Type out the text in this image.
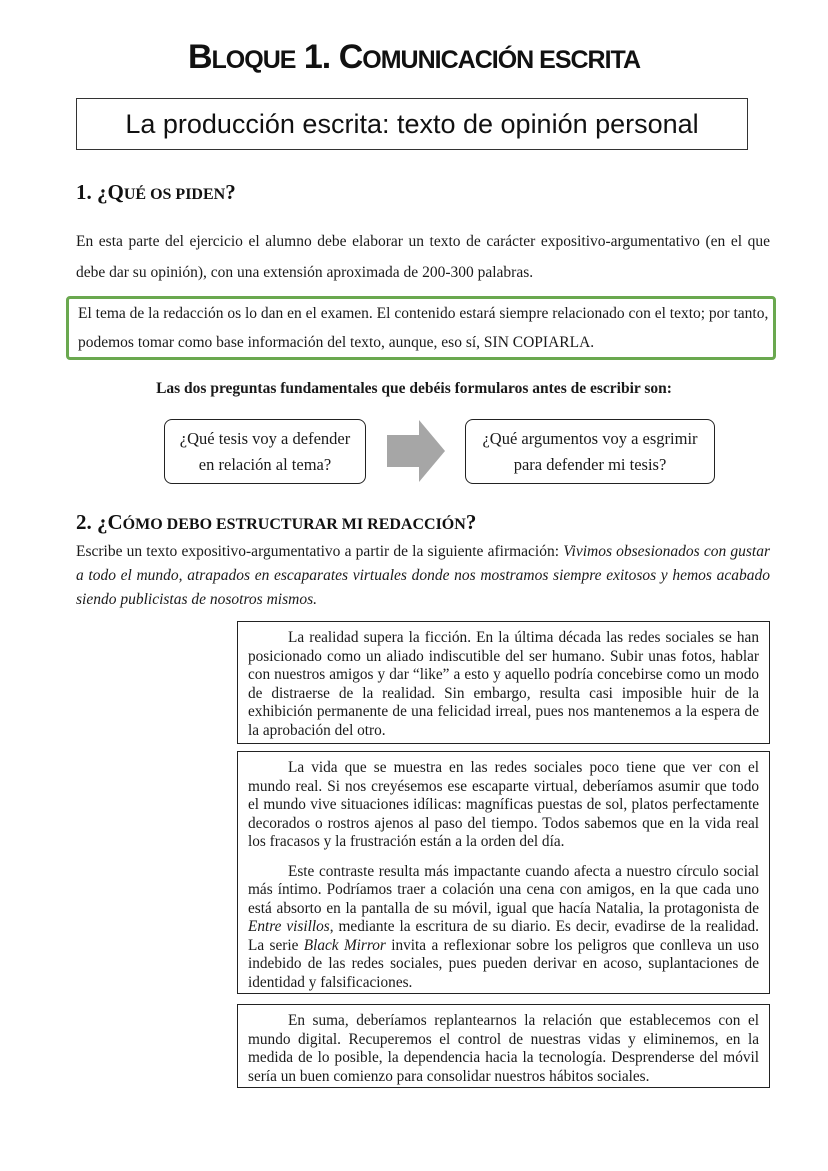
BLOQUE 1. COMUNICACIÓN ESCRITA
La producción escrita: texto de opinión personal
1. ¿QUÉ OS PIDEN?

En esta parte del ejercicio el alumno debe elaborar un texto de carácter expositivo-argumentativo (en el que debe dar su opinión), con una extensión aproximada de 200-300 palabras.

El tema de la redacción os lo dan en el examen. El contenido estará siempre relacionado con el texto; por tanto, podemos tomar como base información del texto, aunque, eso sí, SIN COPIARLA.

Las dos preguntas fundamentales que debéis formularos antes de escribir son:

¿Qué tesis voy a defender en relación al tema?
¿Qué argumentos voy a esgrimir para defender mi tesis?
2. ¿CÓMO DEBO ESTRUCTURAR MI REDACCIÓN?

Escribe un texto expositivo-argumentativo a partir de la siguiente afirmación: Vivimos obsesionados con gustar a todo el mundo, atrapados en escaparates virtuales donde nos mostramos siempre exitosos y hemos acabado siendo publicistas de nosotros mismos.

La realidad supera la ficción. En la última década las redes sociales se han posicionado como un aliado indiscutible del ser humano. Subir unas fotos, hablar con nuestros amigos y dar “like” a esto y aquello podría concebirse como un modo de distraerse de la realidad. Sin embargo, resulta casi imposible huir de la exhibición permanente de una felicidad irreal, pues nos mantenemos a la espera de la aprobación del otro.

La vida que se muestra en las redes sociales poco tiene que ver con el mundo real. Si nos creyésemos ese escaparte virtual, deberíamos asumir que todo el mundo vive situaciones idílicas: magníficas puestas de sol, platos perfectamente decorados o rostros ajenos al paso del tiempo. Todos sabemos que en la vida real los fracasos y la frustración están a la orden del día.

Este contraste resulta más impactante cuando afecta a nuestro círculo social más íntimo. Podríamos traer a colación una cena con amigos, en la que cada uno está absorto en la pantalla de su móvil, igual que hacía Natalia, la protagonista de Entre visillos, mediante la escritura de su diario. Es decir, evadirse de la realidad. La serie Black Mirror invita a reflexionar sobre los peligros que conlleva un uso indebido de las redes sociales, pues pueden derivar en acoso, suplantaciones de identidad y falsificaciones.

En suma, deberíamos replantearnos la relación que establecemos con el mundo digital. Recuperemos el control de nuestras vidas y eliminemos, en la medida de lo posible, la dependencia hacia la tecnología. Desprenderse del móvil sería un buen comienzo para consolidar nuestros hábitos sociales.
